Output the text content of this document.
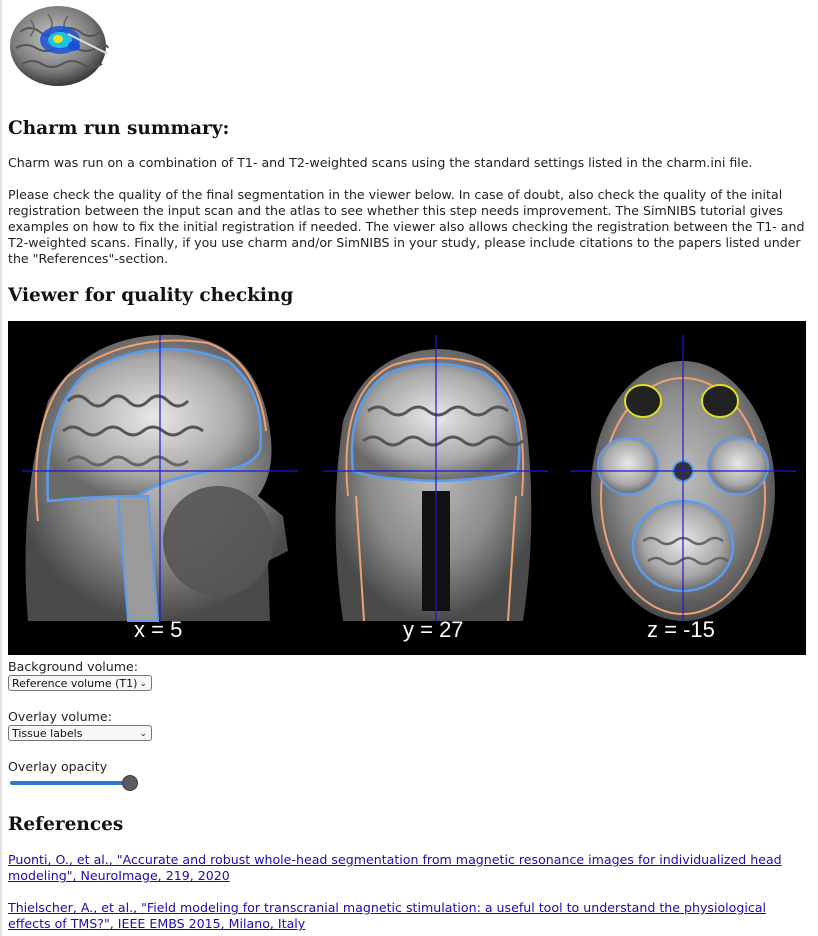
Charm run summary:

Charm was run on a combination of T1- and T2-weighted scans using the standard settings listed in the charm.ini file.

Please check the quality of the final segmentation in the viewer below. In case of doubt, also check the quality of the inital registration between the input scan and the atlas to see whether this step needs improvement. The SimNIBS tutorial gives examples on how to fix the initial registration if needed. The viewer also allows checking the registration between the T1- and T2-weighted scans. Finally, if you use charm and/or SimNIBS in your study, please include citations to the papers listed under the "References"-section.

Viewer for quality checking
x = 5	y = 27	z = -15
Background volume:
Reference volume (T1) ⌄
Overlay volume:
Tissue labels	⌄
Overlay opacity
References
Puonti, O., et al., "Accurate and robust whole-head segmentation from magnetic resonance images for individualized head modeling", NeuroImage, 219, 2020
Thielscher, A., et al., "Field modeling for transcranial magnetic stimulation: a useful tool to understand the physiological effects of TMS?", IEEE EMBS 2015, Milano, Italy
